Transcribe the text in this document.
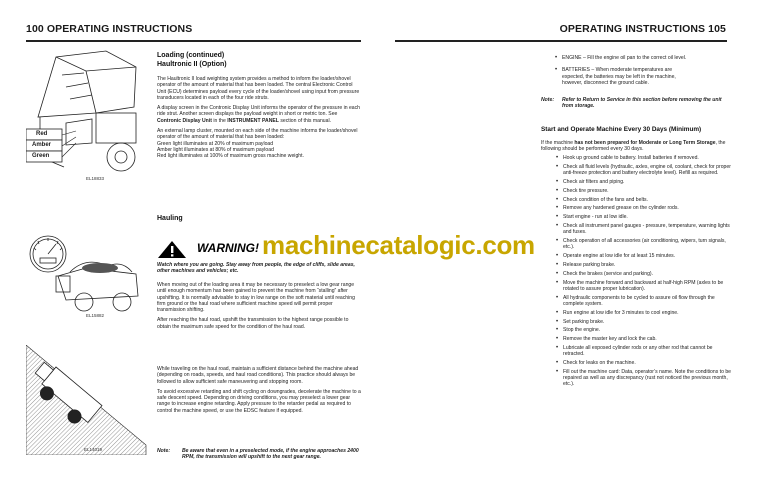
100 OPERATING INSTRUCTIONS	OPERATING INSTRUCTIONS 105
Red
Amber
Green
EL18833
EL15882
EL14019
Loading (continued)
Haultronic II (Option)

The Haultronic II load weighting system provides a method to inform the loader/shovel operator of the amount of material that has been loaded. The central Electronic Control Unit (ECU) determines payload every cycle of the loader/shovel using input from pressure transducers located in each of the four ride struts.

A display screen in the Contronic Display Unit informs the operator of the pressure in each ride strut. Another screen displays the payload weight in short or metric ton. See Contronic Display Unit in the INSTRUMENT PANEL section of this manual.

An external lamp cluster, mounted on each side of the machine informs the loader/shovel operator of the amount of material that has been loaded:

Green light illuminates at 20% of maximum payload
Amber light illuminates at 80% of maximum payload
Red light illuminates at 100% of maximum gross machine weight.
Hauling
WARNING!
Watch where you are going. Stay away from people, the edge of cliffs, slide areas, other machines and vehicles; etc.

When moving out of the loading area it may be necessary to preselect a low gear range until enough momentum has been gained to prevent the machine from “stalling” after upshifting. It is normally advisable to stay in low range on the soft material until reaching firm ground or the haul road where sufficient machine speed will permit proper transmission shifting.

After reaching the haul road, upshift the transmission to the highest range possible to obtain the maximum safe speed for the condition of the haul road.

While traveling on the haul road, maintain a sufficient distance behind the machine ahead (depending on roads, speeds, and haul road conditions). This practice should always be followed to allow sufficient safe maneuvering and stopping room.

To avoid excessive retarding and shift cycling on downgrades, decelerate the machine to a safe descent speed. Depending on driving conditions, you may preselect a lower gear range to increase engine retarding. Apply pressure to the retarder pedal as required to control the machine speed, or use the EDSC feature if equipped.

Note: Be aware that even in a preselected mode, if the engine approaches 2400 RPM, the transmission will upshift to the next gear range.
machinecatalogic.com
• ENGINE – Fill the engine oil pan to the correct oil level.
• BATTERIES – When moderate temperatures are
expected, the batteries may be left in the machine,
however, disconnect the ground cable.
Note: Refer to Return to Service in this section before removing the unit from storage.
Start and Operate Machine Every 30 Days (Minimum)
If the machine has not been prepared for Moderate or Long Term Storage, the following should be performed every 30 days.
• Hook up ground cable to battery. Install batteries if removed.
• Check all fluid levels (hydraulic, axles, engine oil, coolant, check for proper anti-freeze protection and battery electrolyte level). Refill as required.
• Check air filters and piping.
• Check tire pressure.
• Check condition of the fans and belts.
• Remove any hardened grease on the cylinder rods.
• Start engine - run at low idle.
• Check all instrument panel gauges - pressure, temperature, warning lights and fuses.
• Check operation of all accessories (air conditioning, wipers, turn signals, etc.).
• Operate engine at low idle for at least 15 minutes.
• Release parking brake.
• Check the brakes (service and parking).
• Move the machine forward and backward at half-high RPM (axles to be rotated to assure proper lubrication).
• All hydraulic components to be cycled to assure oil flow through the complete system.
• Run engine at low idle for 3 minutes to cool engine.
• Set parking brake.
• Stop the engine.
• Remove the master key and lock the cab.
• Lubricate all exposed cylinder rods or any other rod that cannot be retracted.
• Check for leaks on the machine.
• Fill out the machine card: Data, operator’s name. Note the conditions to be repaired as well as any discrepancy (rust not noticed the previous month, etc.).
